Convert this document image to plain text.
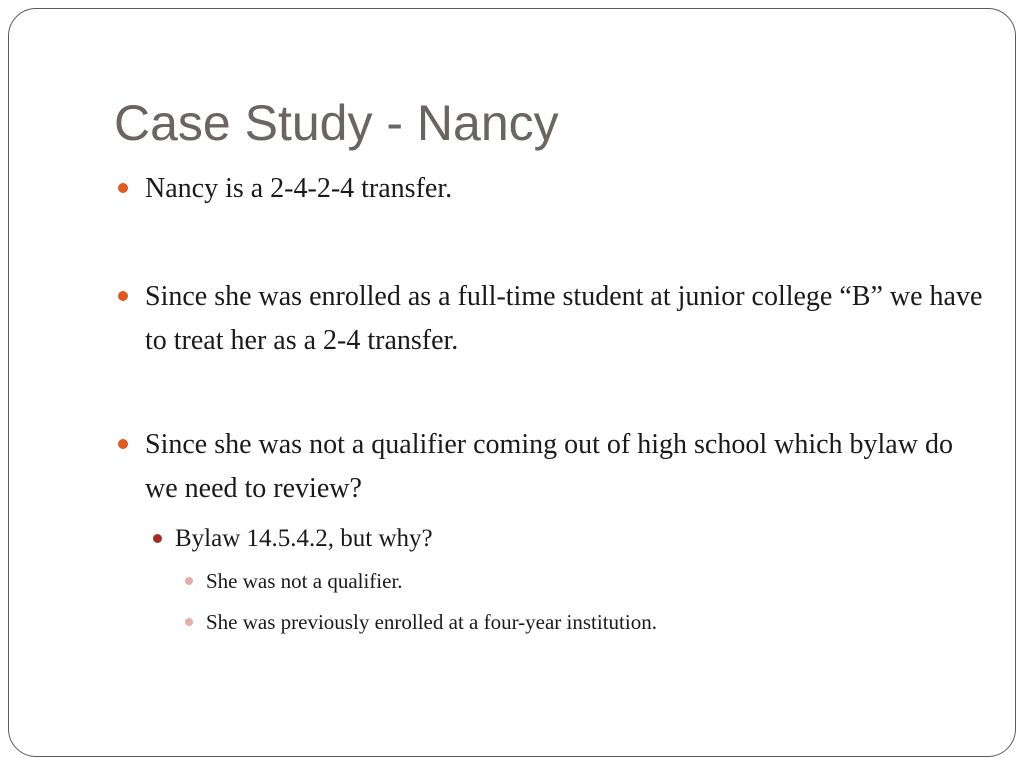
Case Study - Nancy
Nancy is a 2-4-2-4 transfer.
Since she was enrolled as a full-time student at junior college “B” we have to treat her as a 2-4 transfer.
Since she was not a qualifier coming out of high school which bylaw do we need to review?
Bylaw 14.5.4.2, but why?
She was not a qualifier.
She was previously enrolled at a four-year institution.
